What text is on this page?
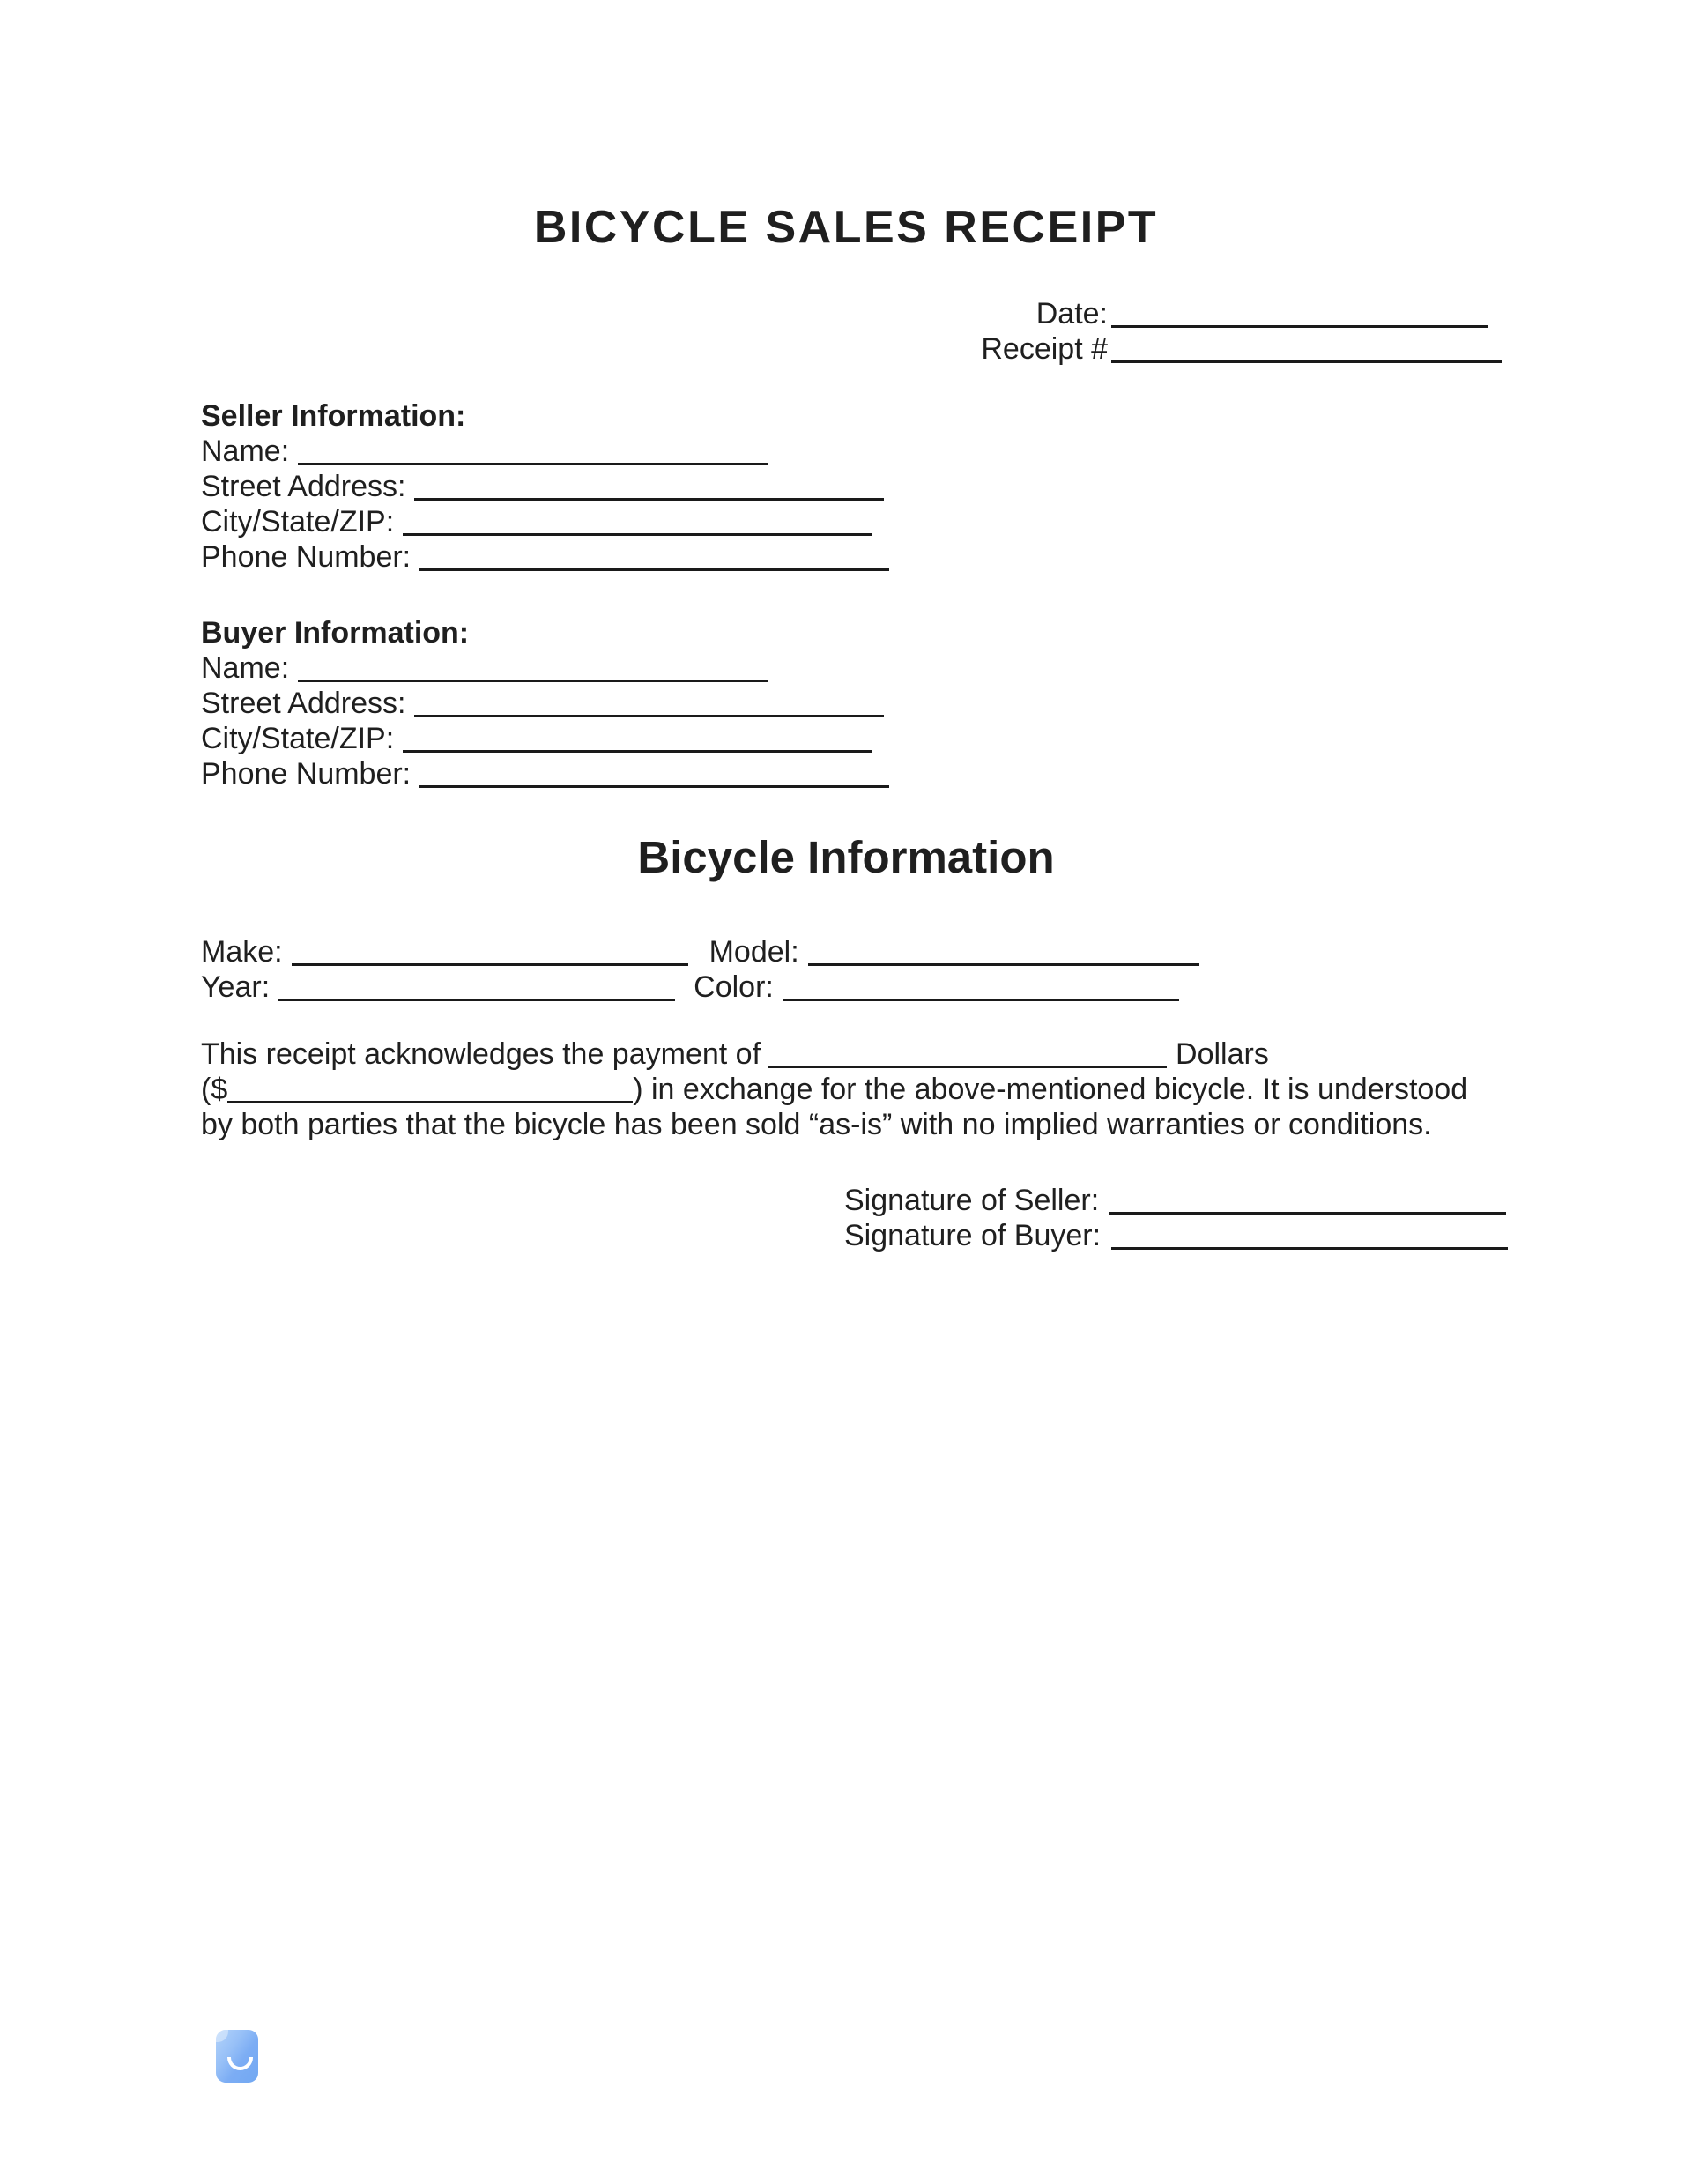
BICYCLE SALES RECEIPT
Date:
Receipt #
Seller Information:
Name:
Street Address:
City/State/ZIP:
Phone Number:
Buyer Information:
Name:
Street Address:
City/State/ZIP:
Phone Number:
Bicycle Information
Make:	Model:
Year:	Color:
This receipt acknowledges the payment of	Dollars
($	) in exchange for the above-mentioned bicycle. It is understood
by both parties that the bicycle has been sold “as-is” with no implied warranties or conditions.
Signature of Seller:
Signature of Buyer:
